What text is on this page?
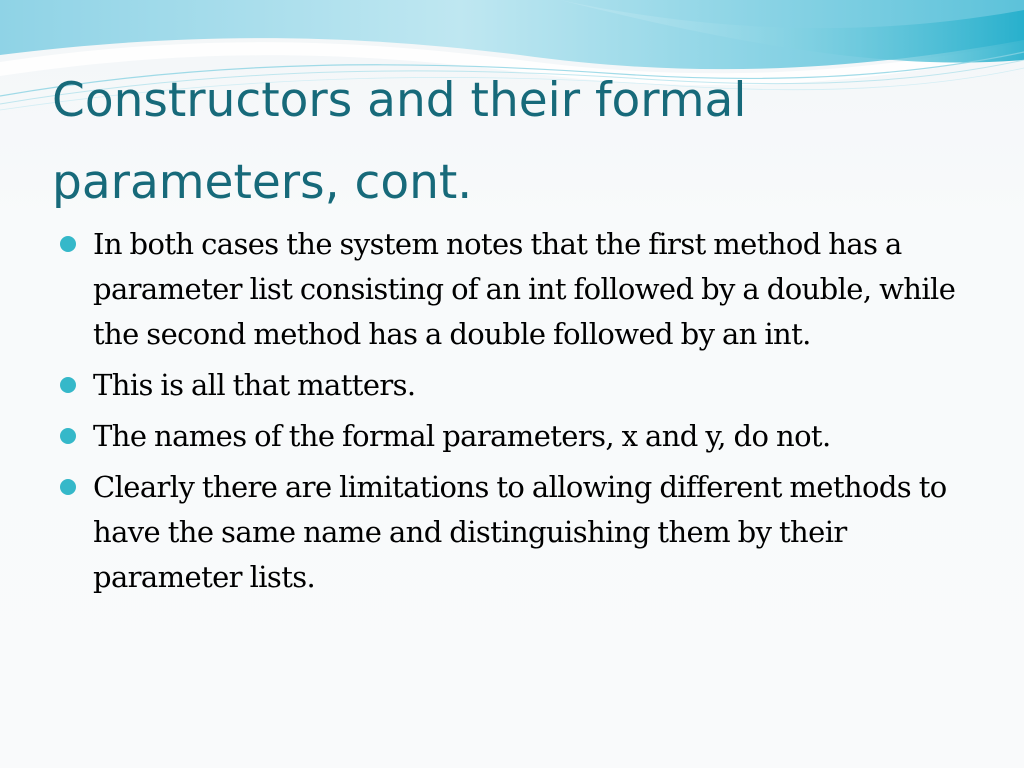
Constructors and their formal parameters, cont.
In both cases the system notes that the first method has a parameter list consisting of an int followed by a double, while the second method has a double followed by an int.
This is all that matters.
The names of the formal parameters, x and y, do not.
Clearly there are limitations to allowing different methods to have the same name and distinguishing them by their parameter lists.
